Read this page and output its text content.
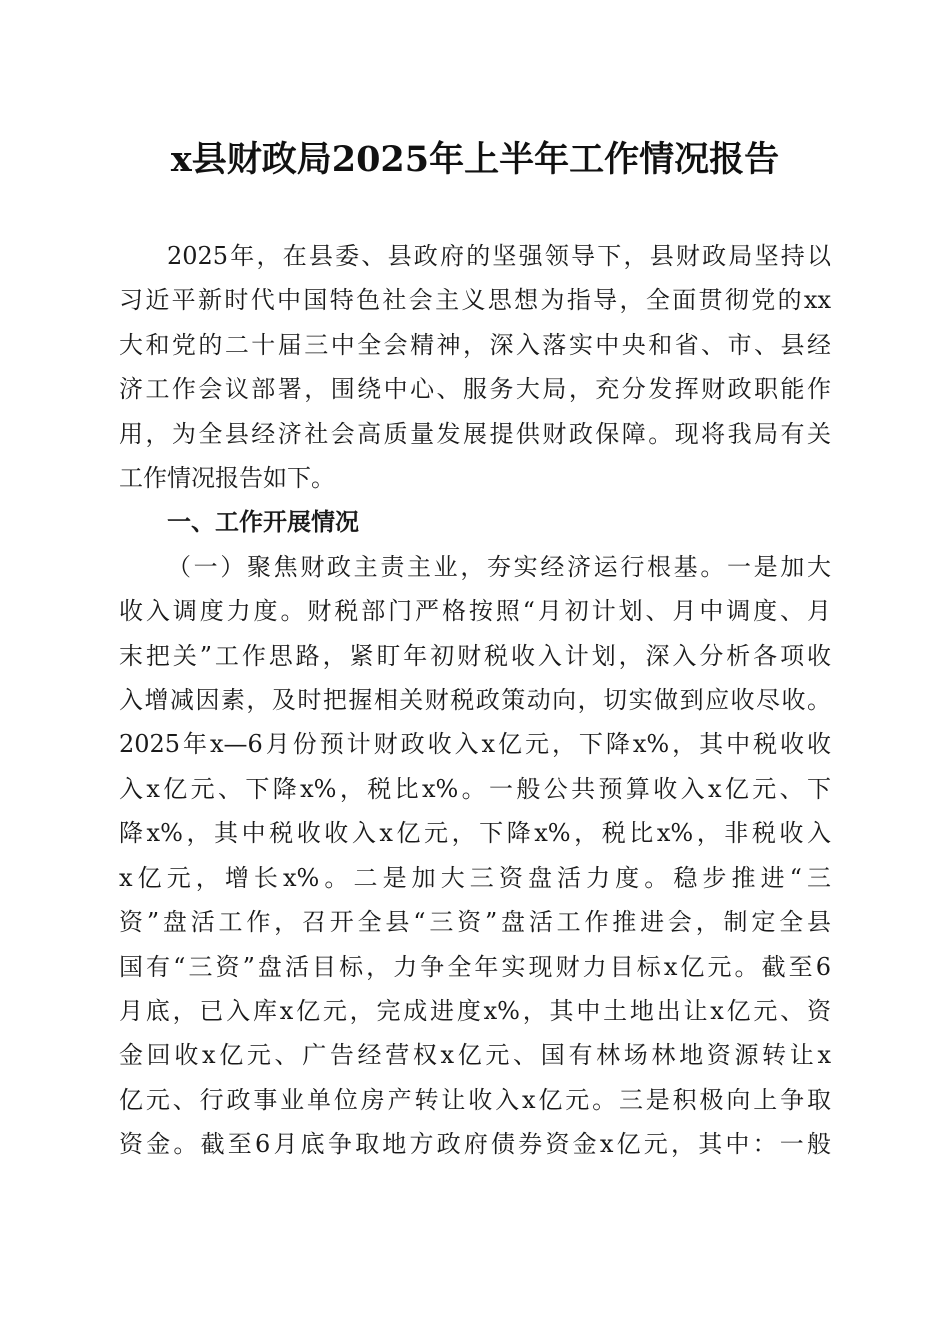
x县财政局2025年上半年工作情况报告
2025年，在县委、县政府的坚强领导下，县财政局坚持以
习近平新时代中国特色社会主义思想为指导，全面贯彻党的xx
大和党的二十届三中全会精神，深入落实中央和省、市、县经
济工作会议部署，围绕中心、服务大局，充分发挥财政职能作
用，为全县经济社会高质量发展提供财政保障。现将我局有关
工作情况报告如下。
一、工作开展情况
（一）聚焦财政主责主业，夯实经济运行根基。一是加大
收入调度力度。财税部门严格按照“月初计划、月中调度、月
末把关”工作思路，紧盯年初财税收入计划，深入分析各项收
入增减因素，及时把握相关财税政策动向，切实做到应收尽收。
2025年x—6月份预计财政收入x亿元，下降x%，其中税收收
入x亿元、下降x%，税比x%。一般公共预算收入x亿元、下
降x%，其中税收收入x亿元，下降x%，税比x%，非税收入
x亿元，增长x%。二是加大三资盘活力度。稳步推进“三
资”盘活工作，召开全县“三资”盘活工作推进会，制定全县
国有“三资”盘活目标，力争全年实现财力目标x亿元。截至6
月底，已入库x亿元，完成进度x%，其中土地出让x亿元、资
金回收x亿元、广告经营权x亿元、国有林场林地资源转让x
亿元、行政事业单位房产转让收入x亿元。三是积极向上争取
资金。截至6月底争取地方政府债券资金x亿元，其中：一般
